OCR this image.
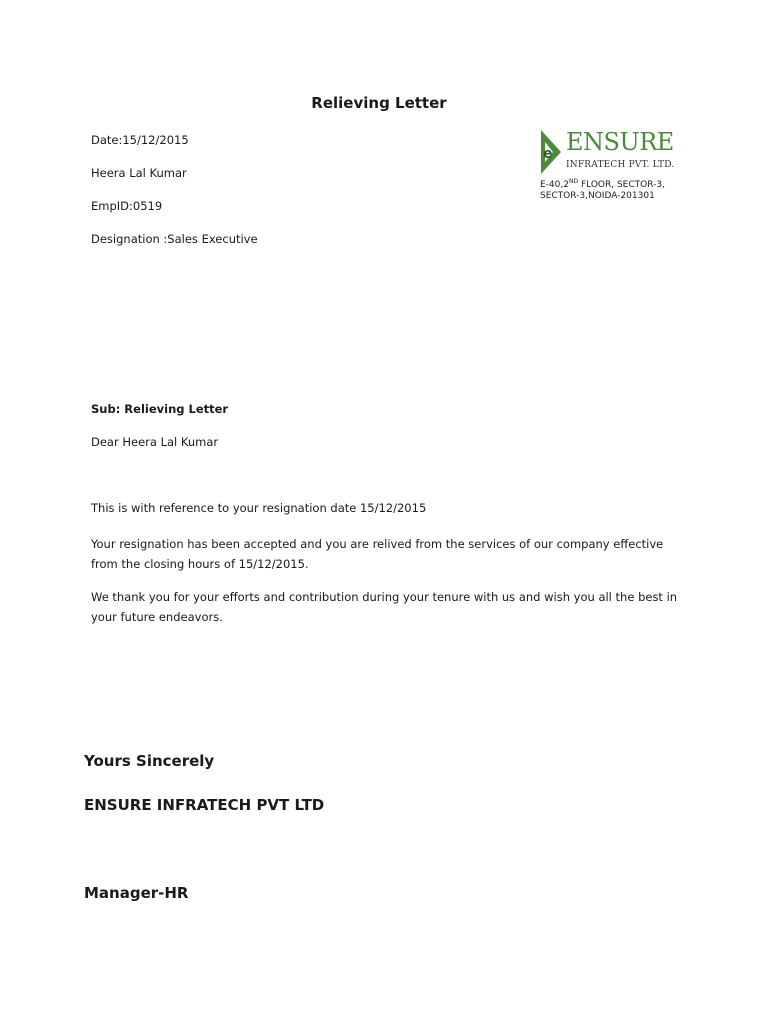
Relieving Letter
Date:15/12/2015
Heera Lal Kumar
EmpID:0519
Designation :Sales Executive
e ENSURE
INFRATECH PVT. LTD.
E-40,2ND FLOOR, SECTOR-3,
SECTOR-3,NOIDA-201301
Sub: Relieving Letter
Dear Heera Lal Kumar
This is with reference to your resignation date 15/12/2015
Your resignation has been accepted and you are relived from the services of our company effective from the closing hours of 15/12/2015.
We thank you for your efforts and contribution during your tenure with us and wish you all the best in your future endeavors.
Yours Sincerely
ENSURE INFRATECH PVT LTD
Manager-HR
